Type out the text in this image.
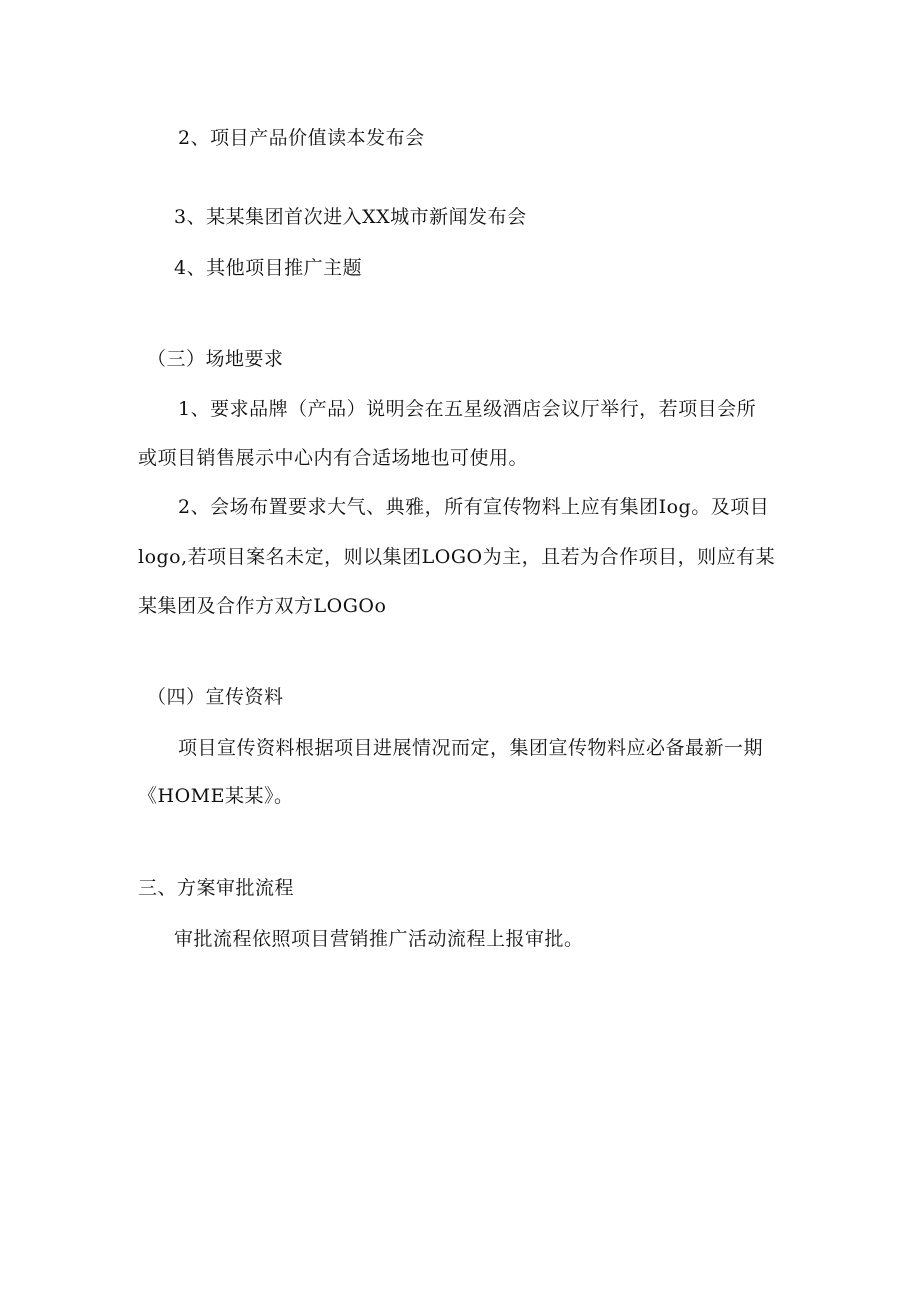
2、项目产品价值读本发布会
3、某某集团首次进入XX城市新闻发布会
4、其他项目推广主题
（三）场地要求
1、要求品牌（产品）说明会在五星级酒店会议厅举行，若项目会所
或项目销售展示中心内有合适场地也可使用。
2、会场布置要求大气、典雅，所有宣传物料上应有集团Iog。及项目
logo,若项目案名未定，则以集团LOGO为主，且若为合作项目，则应有某
某集团及合作方双方LOGOo
（四）宣传资料
项目宣传资料根据项目进展情况而定，集团宣传物料应必备最新一期
《HOME某某》。
三、方案审批流程
审批流程依照项目营销推广活动流程上报审批。
